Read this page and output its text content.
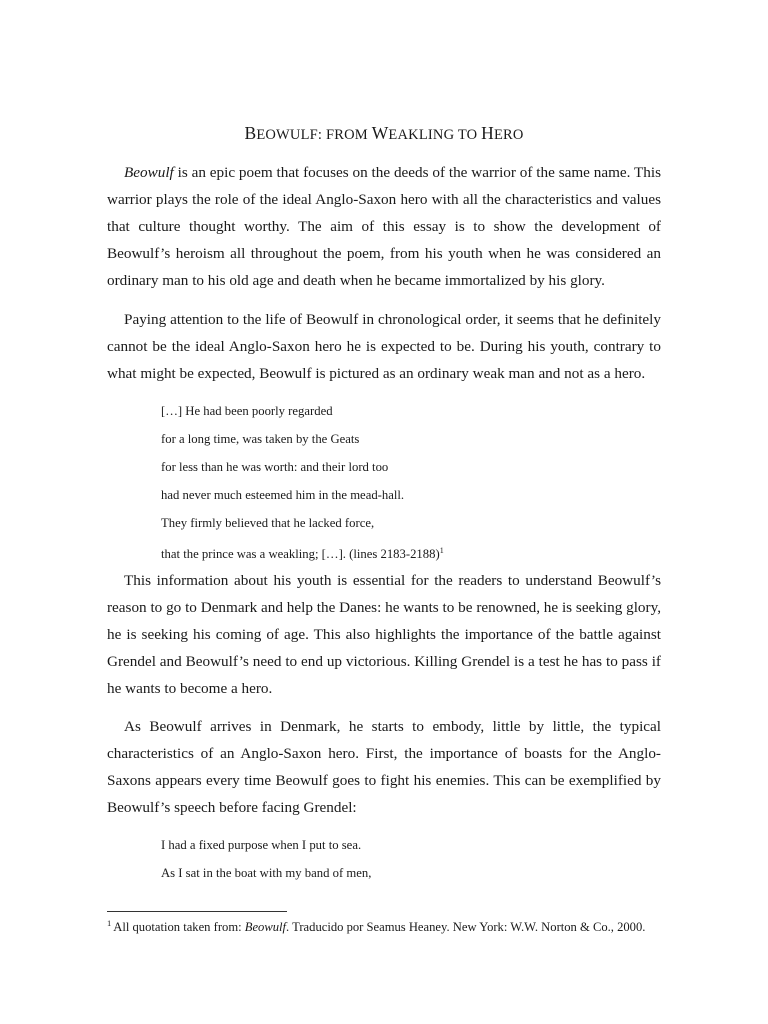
BEOWULF: FROM WEAKLING TO HERO

Beowulf is an epic poem that focuses on the deeds of the warrior of the same name. This warrior plays the role of the ideal Anglo-Saxon hero with all the characteristics and values that culture thought worthy. The aim of this essay is to show the development of Beowulf’s heroism all throughout the poem, from his youth when he was considered an ordinary man to his old age and death when he became immortalized by his glory.

Paying attention to the life of Beowulf in chronological order, it seems that he definitely cannot be the ideal Anglo-Saxon hero he is expected to be. During his youth, contrary to what might be expected, Beowulf is pictured as an ordinary weak man and not as a hero.

[…] He had been poorly regarded
for a long time, was taken by the Geats
for less than he was worth: and their lord too
had never much esteemed him in the mead-hall.
They firmly believed that he lacked force,
that the prince was a weakling; […]. (lines 2183-2188)$^1$

This information about his youth is essential for the readers to understand Beowulf’s reason to go to Denmark and help the Danes: he wants to be renowned, he is seeking glory, he is seeking his coming of age. This also highlights the importance of the battle against Grendel and Beowulf’s need to end up victorious. Killing Grendel is a test he has to pass if he wants to become a hero.

As Beowulf arrives in Denmark, he starts to embody, little by little, the typical characteristics of an Anglo-Saxon hero. First, the importance of boasts for the Anglo-Saxons appears every time Beowulf goes to fight his enemies. This can be exemplified by Beowulf’s speech before facing Grendel:

I had a fixed purpose when I put to sea.
As I sat in the boat with my band of men,
$^1$ All quotation taken from: Beowulf. Traducido por Seamus Heaney. New York: W.W. Norton & Co., 2000.
